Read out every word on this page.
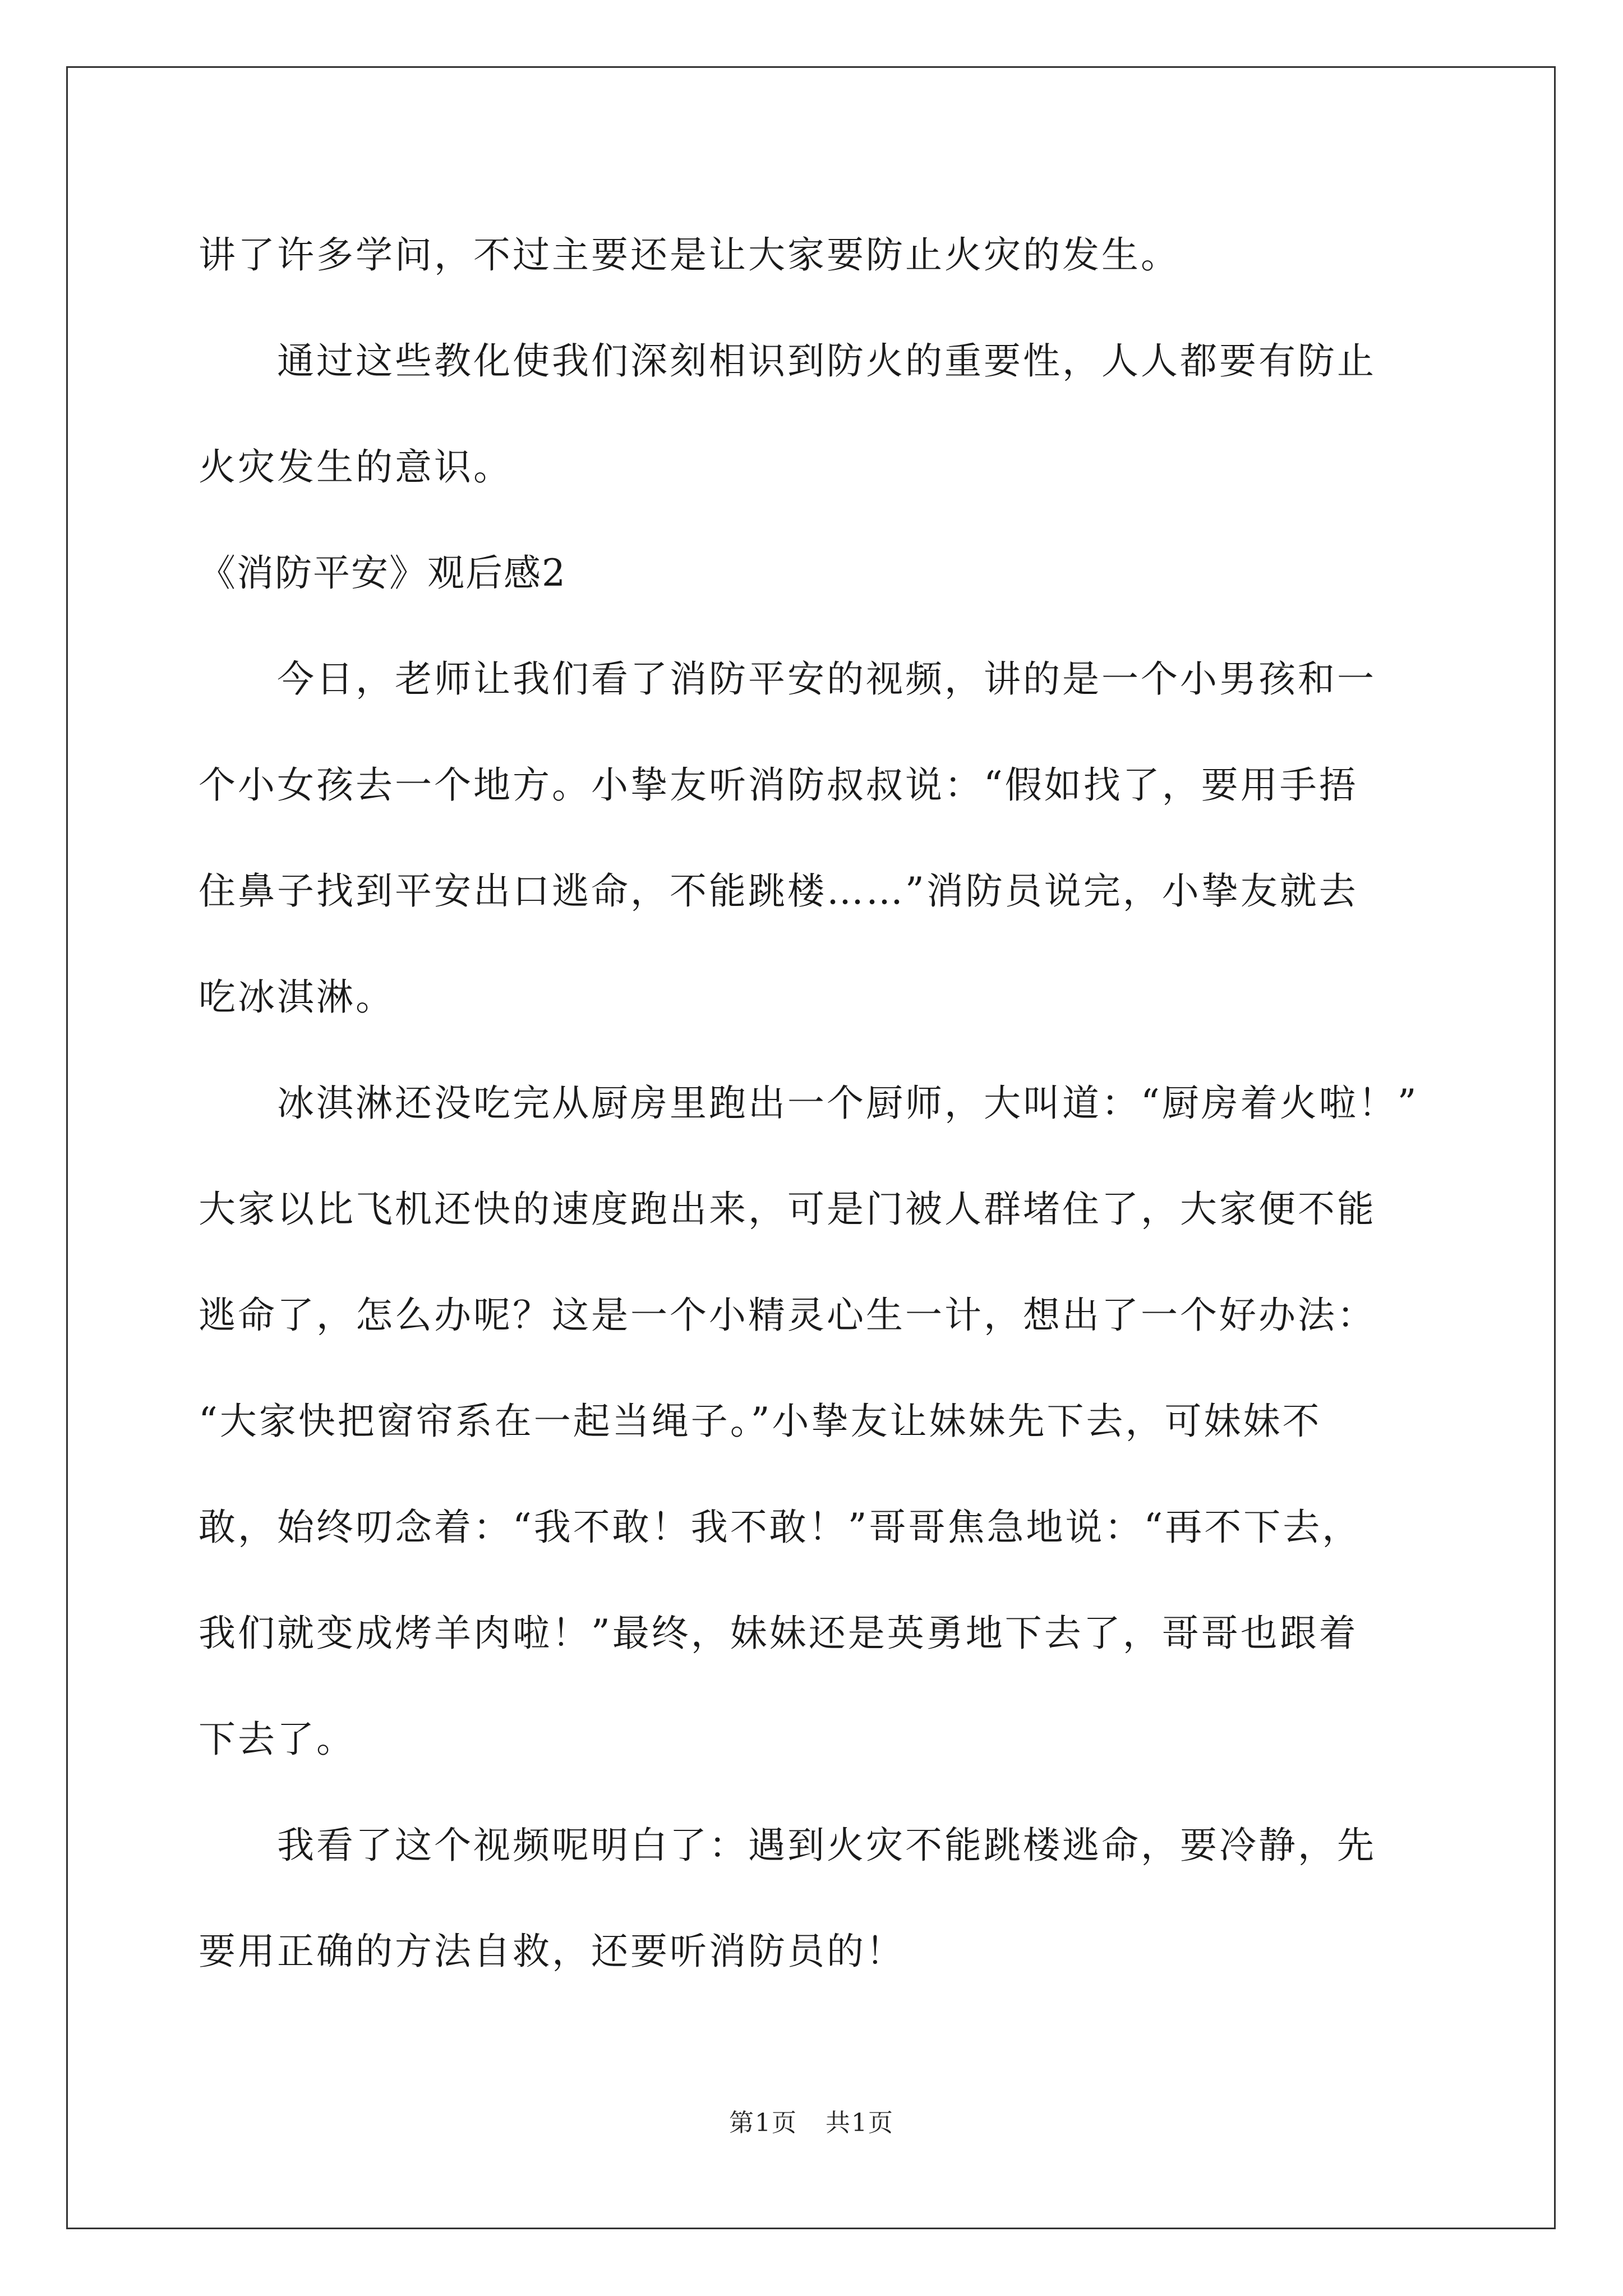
讲了许多学问，不过主要还是让大家要防止火灾的发生。
通过这些教化使我们深刻相识到防火的重要性，人人都要有防止
火灾发生的意识。
《消防平安》观后感2
今日，老师让我们看了消防平安的视频，讲的是一个小男孩和一
个小女孩去一个地方。小挚友听消防叔叔说：“假如找了，要用手捂
住鼻子找到平安出口逃命，不能跳楼……”消防员说完，小挚友就去
吃冰淇淋。
冰淇淋还没吃完从厨房里跑出一个厨师，大叫道：“厨房着火啦！”
大家以比飞机还快的速度跑出来，可是门被人群堵住了，大家便不能
逃命了，怎么办呢？这是一个小精灵心生一计，想出了一个好办法：
“大家快把窗帘系在一起当绳子。”小挚友让妹妹先下去，可妹妹不
敢，始终叨念着：“我不敢！我不敢！”哥哥焦急地说：“再不下去，
我们就变成烤羊肉啦！”最终，妹妹还是英勇地下去了，哥哥也跟着
下去了。
我看了这个视频呢明白了：遇到火灾不能跳楼逃命，要冷静，先
要用正确的方法自救，还要听消防员的！
第1页 共1页
